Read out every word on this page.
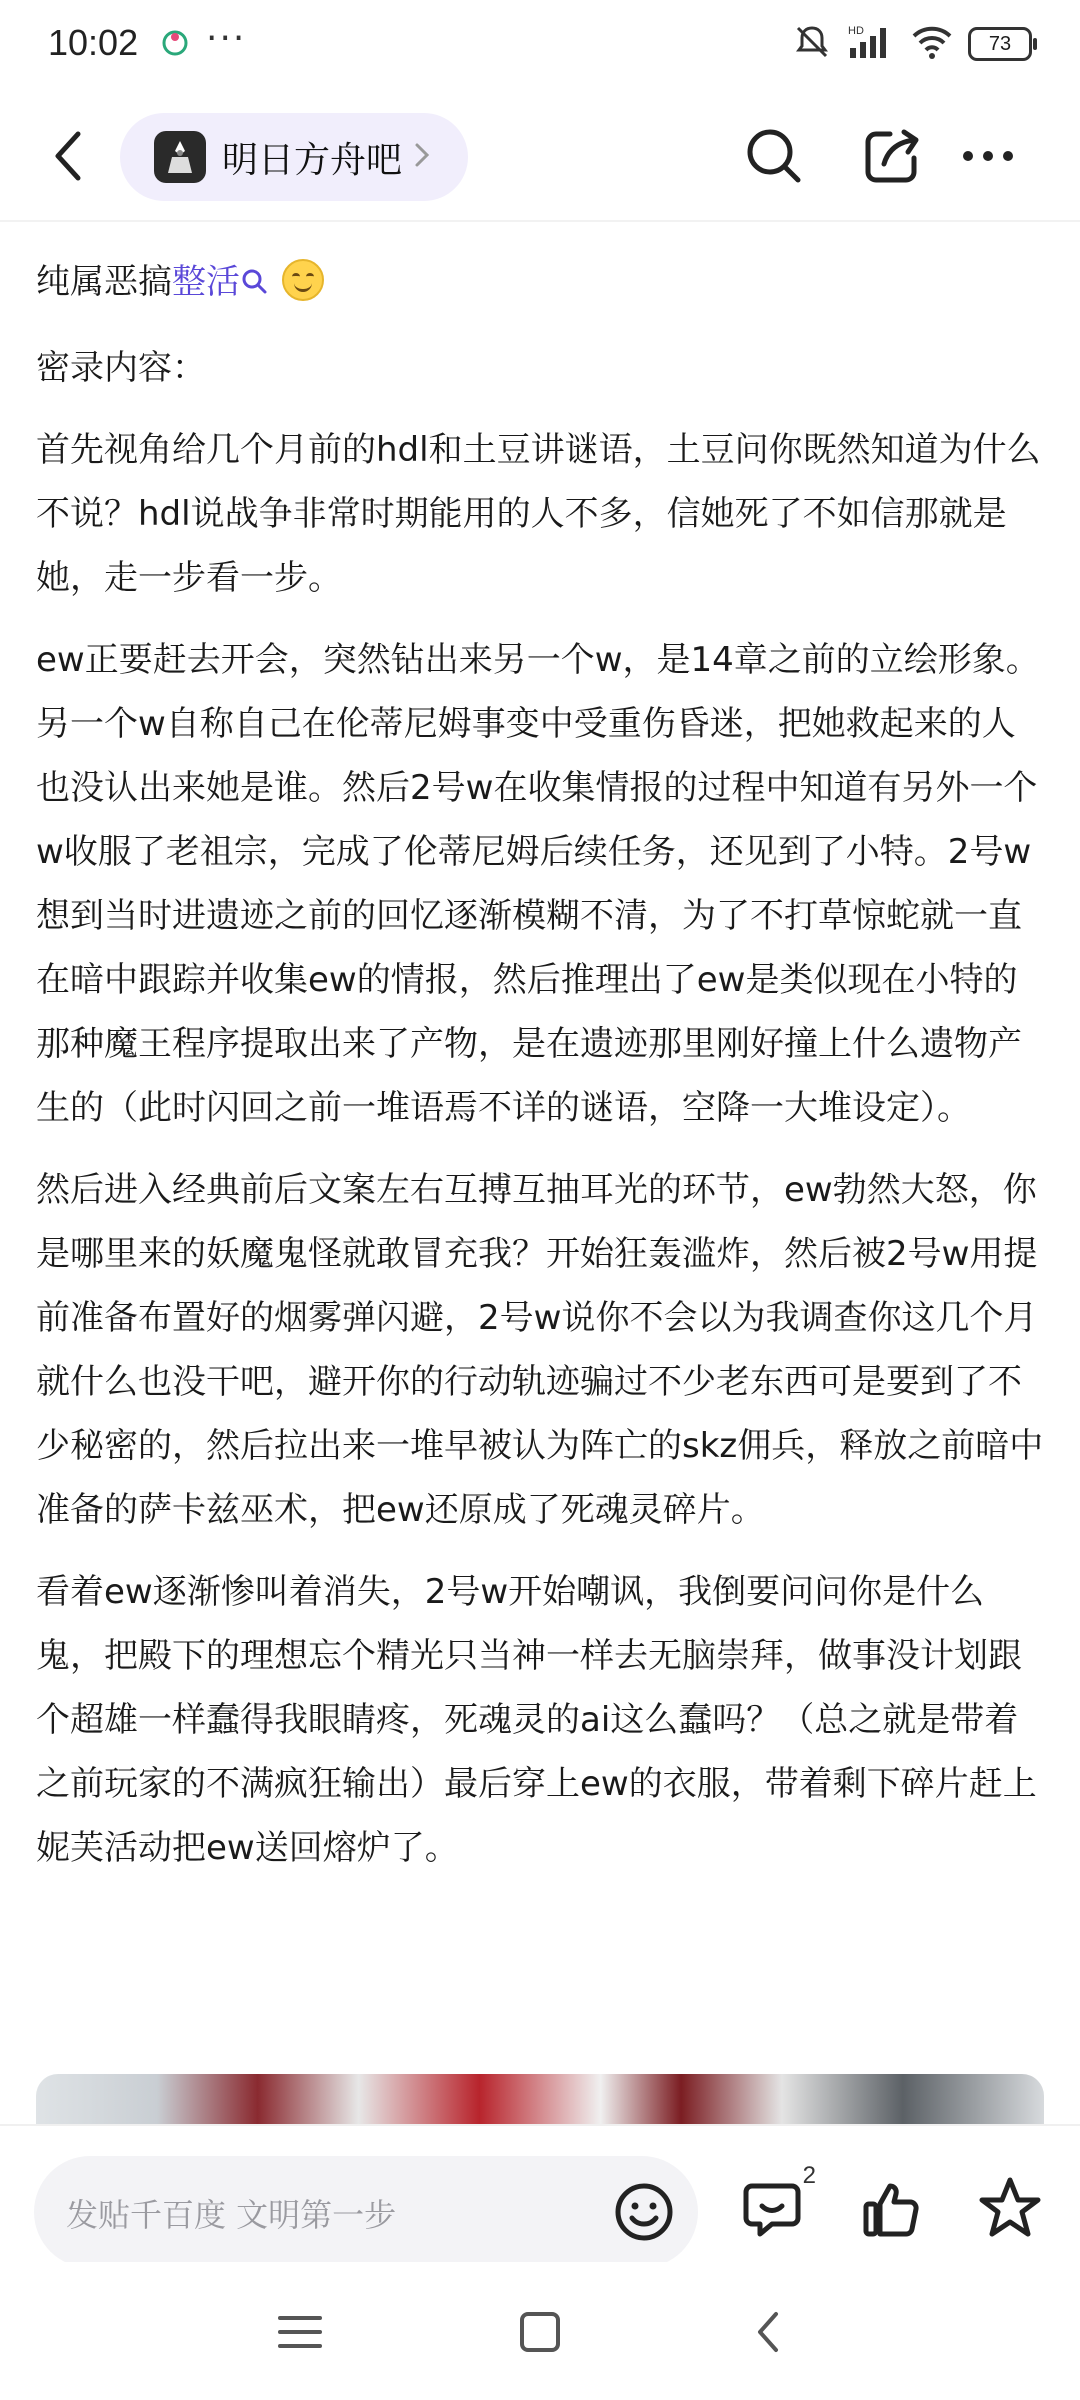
10:02 ···	HD
73
明日方舟吧

纯属恶搞整活

密录内容：

首先视角给几个月前的hdl和土豆讲谜语，土豆问你既然知道为什么不说？hdl说战争非常时期能用的人不多，信她死了不如信那就是她，走一步看一步。

ew正要赶去开会，突然钻出来另一个w，是14章之前的立绘形象。另一个w自称自己在伦蒂尼姆事变中受重伤昏迷，把她救起来的人也没认出来她是谁。然后2号w在收集情报的过程中知道有另外一个w收服了老祖宗，完成了伦蒂尼姆后续任务，还见到了小特。2号w想到当时进遗迹之前的回忆逐渐模糊不清，为了不打草惊蛇就一直在暗中跟踪并收集ew的情报，然后推理出了ew是类似现在小特的那种魔王程序提取出来了产物，是在遗迹那里刚好撞上什么遗物产生的（此时闪回之前一堆语焉不详的谜语，空降一大堆设定）。

然后进入经典前后文案左右互搏互抽耳光的环节，ew勃然大怒，你是哪里来的妖魔鬼怪就敢冒充我？开始狂轰滥炸，然后被2号w用提前准备布置好的烟雾弹闪避，2号w说你不会以为我调查你这几个月就什么也没干吧，避开你的行动轨迹骗过不少老东西可是要到了不少秘密的，然后拉出来一堆早被认为阵亡的skz佣兵，释放之前暗中准备的萨卡兹巫术，把ew还原成了死魂灵碎片。

看着ew逐渐惨叫着消失，2号w开始嘲讽，我倒要问问你是什么鬼，把殿下的理想忘个精光只当神一样去无脑崇拜，做事没计划跟个超雄一样蠢得我眼睛疼，死魂灵的ai这么蠢吗？（总之就是带着之前玩家的不满疯狂输出）最后穿上ew的衣服，带着剩下碎片赶上妮芙活动把ew送回熔炉了。

发贴千百度 文明第一步
2
